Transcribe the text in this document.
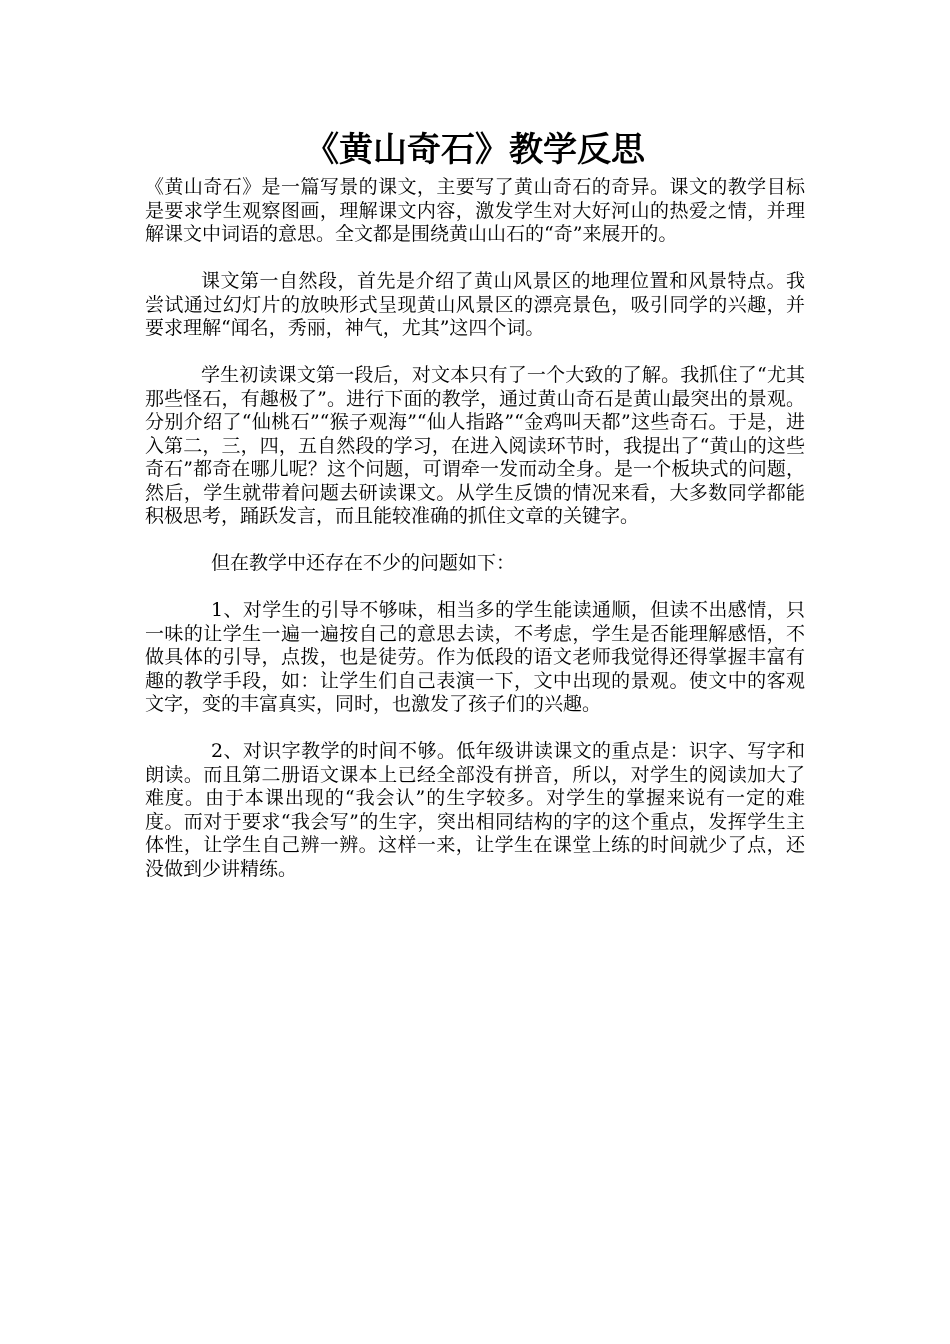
《黄山奇石》教学反思

《黄山奇石》是一篇写景的课文，主要写了黄山奇石的奇异。课文的教学目标是要求学生观察图画，理解课文内容，激发学生对大好河山的热爱之情，并理解课文中词语的意思。全文都是围绕黄山山石的“奇”来展开的。

课文第一自然段，首先是介绍了黄山风景区的地理位置和风景特点。我尝试通过幻灯片的放映形式呈现黄山风景区的漂亮景色，吸引同学的兴趣，并要求理解“闻名，秀丽，神气，尤其”这四个词。

学生初读课文第一段后，对文本只有了一个大致的了解。我抓住了“尤其那些怪石，有趣极了”。进行下面的教学，通过黄山奇石是黄山最突出的景观。分别介绍了“仙桃石”“猴子观海”“仙人指路”“金鸡叫天都”这些奇石。于是，进入第二，三，四，五自然段的学习，在进入阅读环节时，我提出了“黄山的这些奇石”都奇在哪儿呢？这个问题，可谓牵一发而动全身。是一个板块式的问题，然后，学生就带着问题去研读课文。从学生反馈的情况来看，大多数同学都能积极思考，踊跃发言，而且能较准确的抓住文章的关键字。

但在教学中还存在不少的问题如下：

1、对学生的引导不够味，相当多的学生能读通顺，但读不出感情，只一味的让学生一遍一遍按自己的意思去读，不考虑，学生是否能理解感悟，不做具体的引导，点拨，也是徒劳。作为低段的语文老师我觉得还得掌握丰富有趣的教学手段，如：让学生们自己表演一下，文中出现的景观。使文中的客观文字，变的丰富真实，同时，也激发了孩子们的兴趣。

2、对识字教学的时间不够。低年级讲读课文的重点是：识字、写字和朗读。而且第二册语文课本上已经全部没有拼音，所以，对学生的阅读加大了难度。由于本课出现的“我会认”的生字较多。对学生的掌握来说有一定的难度。而对于要求“我会写”的生字，突出相同结构的字的这个重点，发挥学生主体性，让学生自己辨一辨。这样一来，让学生在课堂上练的时间就少了点，还没做到少讲精练。
